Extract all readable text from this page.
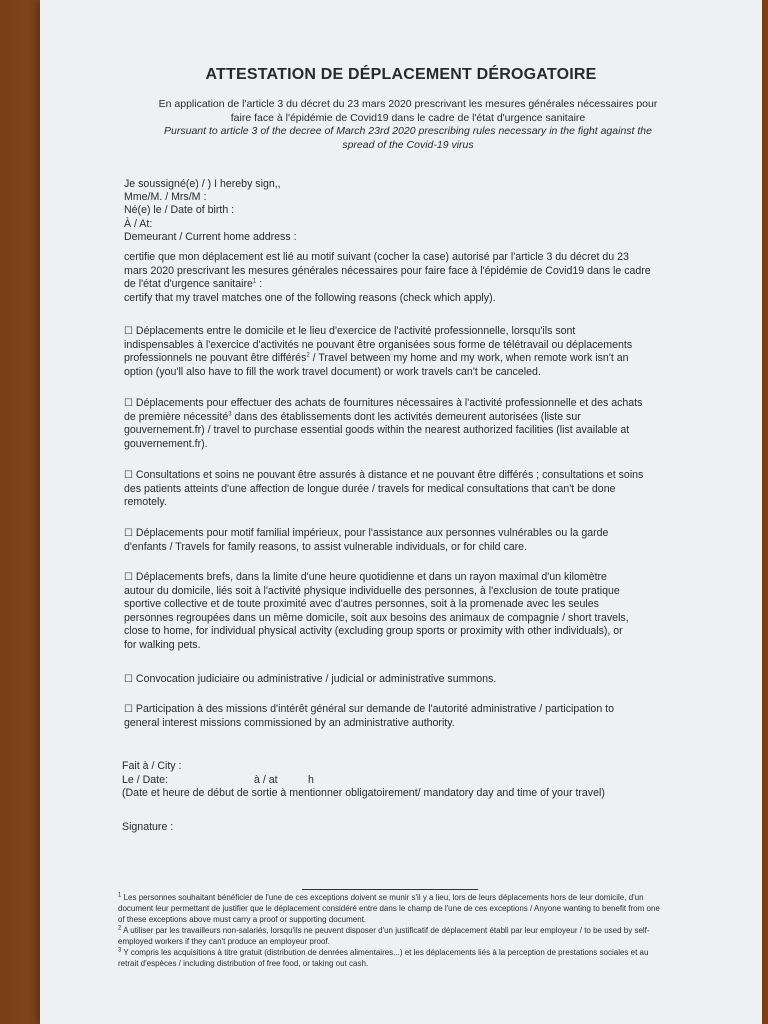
ATTESTATION DE DÉPLACEMENT DÉROGATOIRE
En application de l'article 3 du décret du 23 mars 2020 prescrivant les mesures générales nécessaires pour
faire face à l'épidémie de Covid19 dans le cadre de l'état d'urgence sanitaire
Pursuant to article 3 of the decree of March 23rd 2020 prescribing rules necessary in the fight against the
spread of the Covid-19 virus
Je soussigné(e) / ) I hereby sign,,
Mme/M. / Mrs/M :
Né(e) le / Date of birth :
À / At:
Demeurant / Current home address :
certifie que mon déplacement est lié au motif suivant (cocher la case) autorisé par l'article 3 du décret du 23
mars 2020 prescrivant les mesures générales nécessaires pour faire face à l'épidémie de Covid19 dans le cadre
de l'état d'urgence sanitaire$^1$ :
certify that my travel matches one of the following reasons (check which apply).
☐ Déplacements entre le domicile et le lieu d'exercice de l'activité professionnelle, lorsqu'ils sont
indispensables à l'exercice d'activités ne pouvant être organisées sous forme de télétravail ou déplacements
professionnels ne pouvant être différés$^2$ / Travel between my home and my work, when remote work isn't an
option (you'll also have to fill the work travel document) or work travels can't be canceled.
☐ Déplacements pour effectuer des achats de fournitures nécessaires à l'activité professionnelle et des achats
de première nécessité$^3$ dans des établissements dont les activités demeurent autorisées (liste sur
gouvernement.fr) / travel to purchase essential goods within the nearest authorized facilities (list available at
gouvernement.fr).
☐ Consultations et soins ne pouvant être assurés à distance et ne pouvant être différés ; consultations et soins
des patients atteints d'une affection de longue durée / travels for medical consultations that can't be done
remotely.
☐ Déplacements pour motif familial impérieux, pour l'assistance aux personnes vulnérables ou la garde
d'enfants / Travels for family reasons, to assist vulnerable individuals, or for child care.
☐ Déplacements brefs, dans la limite d'une heure quotidienne et dans un rayon maximal d'un kilomètre
autour du domicile, liés soit à l'activité physique individuelle des personnes, à l'exclusion de toute pratique
sportive collective et de toute proximité avec d'autres personnes, soit à la promenade avec les seules
personnes regroupées dans un même domicile, soit aux besoins des animaux de compagnie / short travels,
close to home, for individual physical activity (excluding group sports or proximity with other individuals), or
for walking pets.
☐ Convocation judiciaire ou administrative / judicial or administrative summons.
☐ Participation à des missions d'intérêt général sur demande de l'autorité administrative / participation to
general interest missions commissioned by an administrative authority.
Fait à / City :
Le / Date:	à / at	h
(Date et heure de début de sortie à mentionner obligatoirement/ mandatory day and time of your travel)
Signature :
$^1$ Les personnes souhaitant bénéficier de l'une de ces exceptions doivent se munir s'il y a lieu, lors de leurs déplacements hors de leur domicile, d'un document leur permettant de justifier que le déplacement considéré entre dans le champ de l'une de ces exceptions / Anyone wanting to benefit from one of these exceptions above must carry a proof or supporting document.
$^2$ A utiliser par les travailleurs non-salariés, lorsqu'ils ne peuvent disposer d'un justificatif de déplacement établi par leur employeur / to be used by self-employed workers if they can't produce an employeur proof.
$^3$ Y compris les acquisitions à titre gratuit (distribution de denrées alimentaires...) et les déplacements liés à la perception de prestations sociales et au retrait d'espèces / including distribution of free food, or taking out cash.
